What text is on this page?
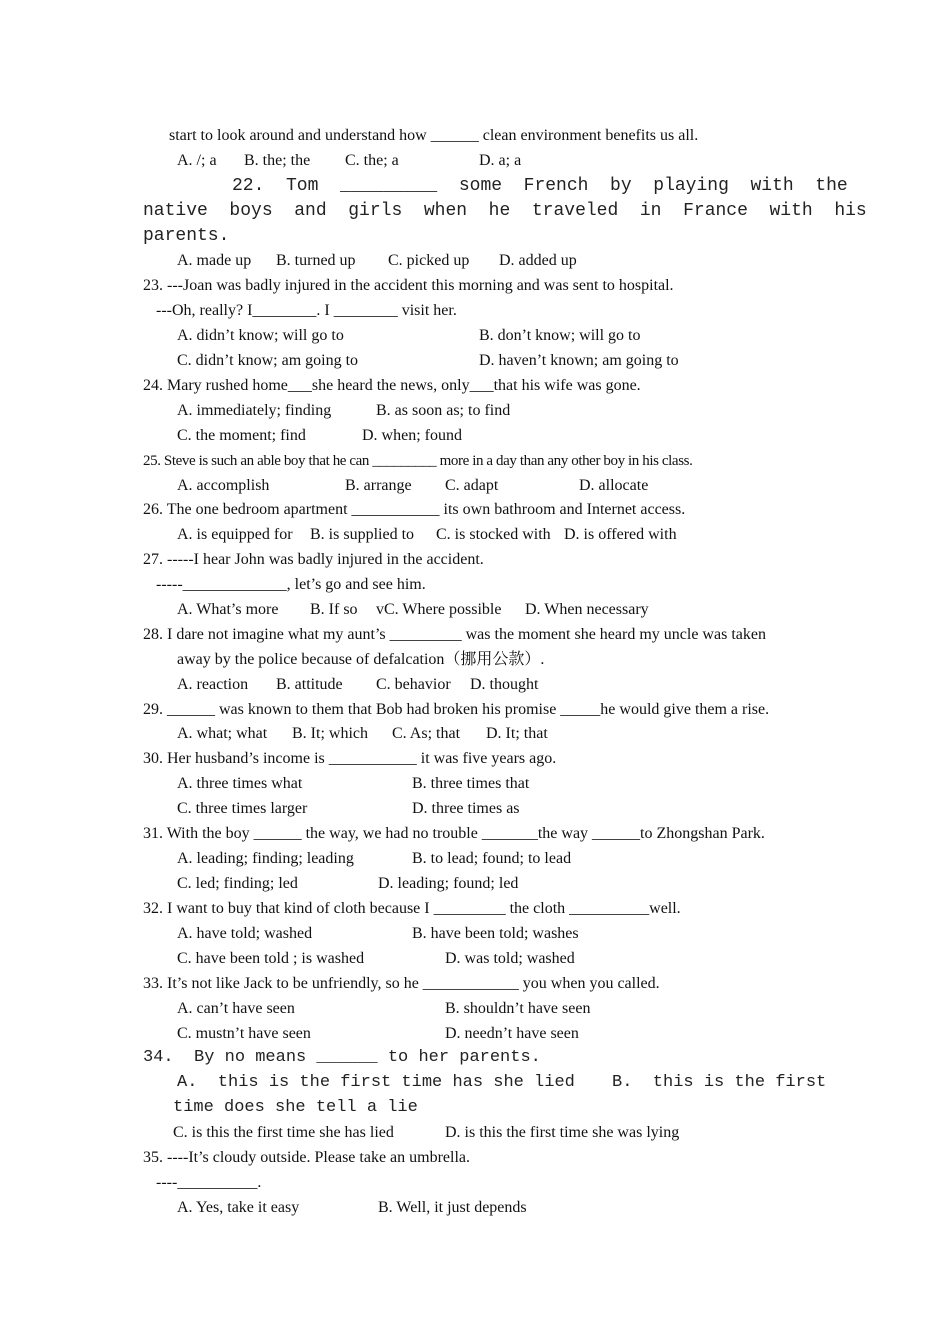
start to look around and understand how ______ clean environment benefits us all.
A. /; a B. the; the C. the; a	D. a; a
22.  Tom  _________  some  French  by  playing  with  the
native  boys  and  girls  when  he  traveled  in  France  with  his
parents.
A. made up B. turned up C. picked up D. added up
23. ---Joan was badly injured in the accident this morning and was sent to hospital.
---Oh, really? I________. I ________ visit her.
A. didn’t know; will go to	B. don’t know; will go to
C. didn’t know; am going to	D. haven’t known; am going to
24. Mary rushed home___she heard the news, only___that his wife was gone.
A. immediately; finding	B. as soon as; to find
C. the moment; find	D. when; found
25. Steve is such an able boy that he can _________ more in a day than any other boy in his class.
A. accomplish	B. arrange C. adapt	D. allocate
26. The one bedroom apartment ___________ its own bathroom and Internet access.
A. is equipped for B. is supplied to C. is stocked with D. is offered with
27. -----I hear John was badly injured in the accident.
-----_____________, let’s go and see him.
A. What’s more B. If so vC. Where possible D. When necessary
28. I dare not imagine what my aunt’s _________ was the moment she heard my uncle was taken
away by the police because of defalcation（挪用公款）.
A. reaction B. attitude C. behavior D. thought
29. ______ was known to them that Bob had broken his promise _____he would give them a rise.
A. what; what B. It; which C. As; that D. It; that
30. Her husband’s income is ___________ it was five years ago.
A. three times what	B. three times that
C. three times larger	D. three times as
31. With the boy ______ the way, we had no trouble _______the way ______to Zhongshan Park.
A. leading; finding; leading	B. to lead; found; to lead
C. led; finding; led	D. leading; found; led
32. I want to buy that kind of cloth because I _________ the cloth __________well.
A. have told; washed	B. have been told; washes
C. have been told ; is washed	D. was told; washed
33. It’s not like Jack to be unfriendly, so he ____________ you when you called.
A. can’t have seen	B. shouldn’t have seen
C. mustn’t have seen	D. needn’t have seen
34.  By no means ______ to her parents.
A.  this is the first time has she lied B.  this is the first
time does she tell a lie
C. is this the first time she has lied	D. is this the first time she was lying
35. ----It’s cloudy outside. Please take an umbrella.
----__________.
A. Yes, take it easy	B. Well, it just depends
